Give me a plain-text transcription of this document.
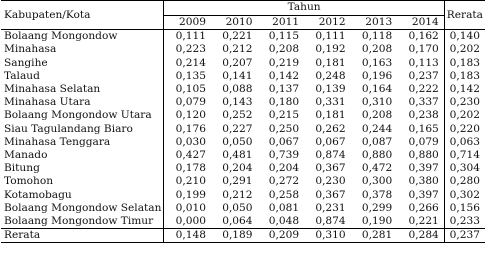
Kabupaten/Kota	Tahun						Rerata
	2009	2010	2011	2012	2013	2014	
Bolaang Mongondow	0,111	0,221	0,115	0,111	0,118	0,162	0,140
Minahasa	0,223	0,212	0,208	0,192	0,208	0,170	0,202
Sangihe	0,214	0,207	0,219	0,181	0,163	0,113	0,183
Talaud	0,135	0,141	0,142	0,248	0,196	0,237	0,183
Minahasa Selatan	0,105	0,088	0,137	0,139	0,164	0,222	0,142
Minahasa Utara	0,079	0,143	0,180	0,331	0,310	0,337	0,230
Bolaang Mongondow Utara	0,120	0,252	0,215	0,181	0,208	0,238	0,202
Siau Tagulandang Biaro	0,176	0,227	0,250	0,262	0,244	0,165	0,220
Minahasa Tenggara	0,030	0,050	0,067	0,067	0,087	0,079	0,063
Manado	0,427	0,481	0,739	0,874	0,880	0,880	0,714
Bitung	0,178	0,204	0,204	0,367	0,472	0,397	0,304
Tomohon	0,210	0,291	0,272	0,230	0,300	0,380	0,280
Kotamobagu	0,199	0,212	0,258	0,367	0,378	0,397	0,302
Bolaang Mongondow Selatan	0,010	0,050	0,081	0,231	0,299	0,266	0,156
Bolaang Mongondow Timur	0,000	0,064	0,048	0,874	0,190	0,221	0,233
Rerata	0,148	0,189	0,209	0,310	0,281	0,284	0,237
